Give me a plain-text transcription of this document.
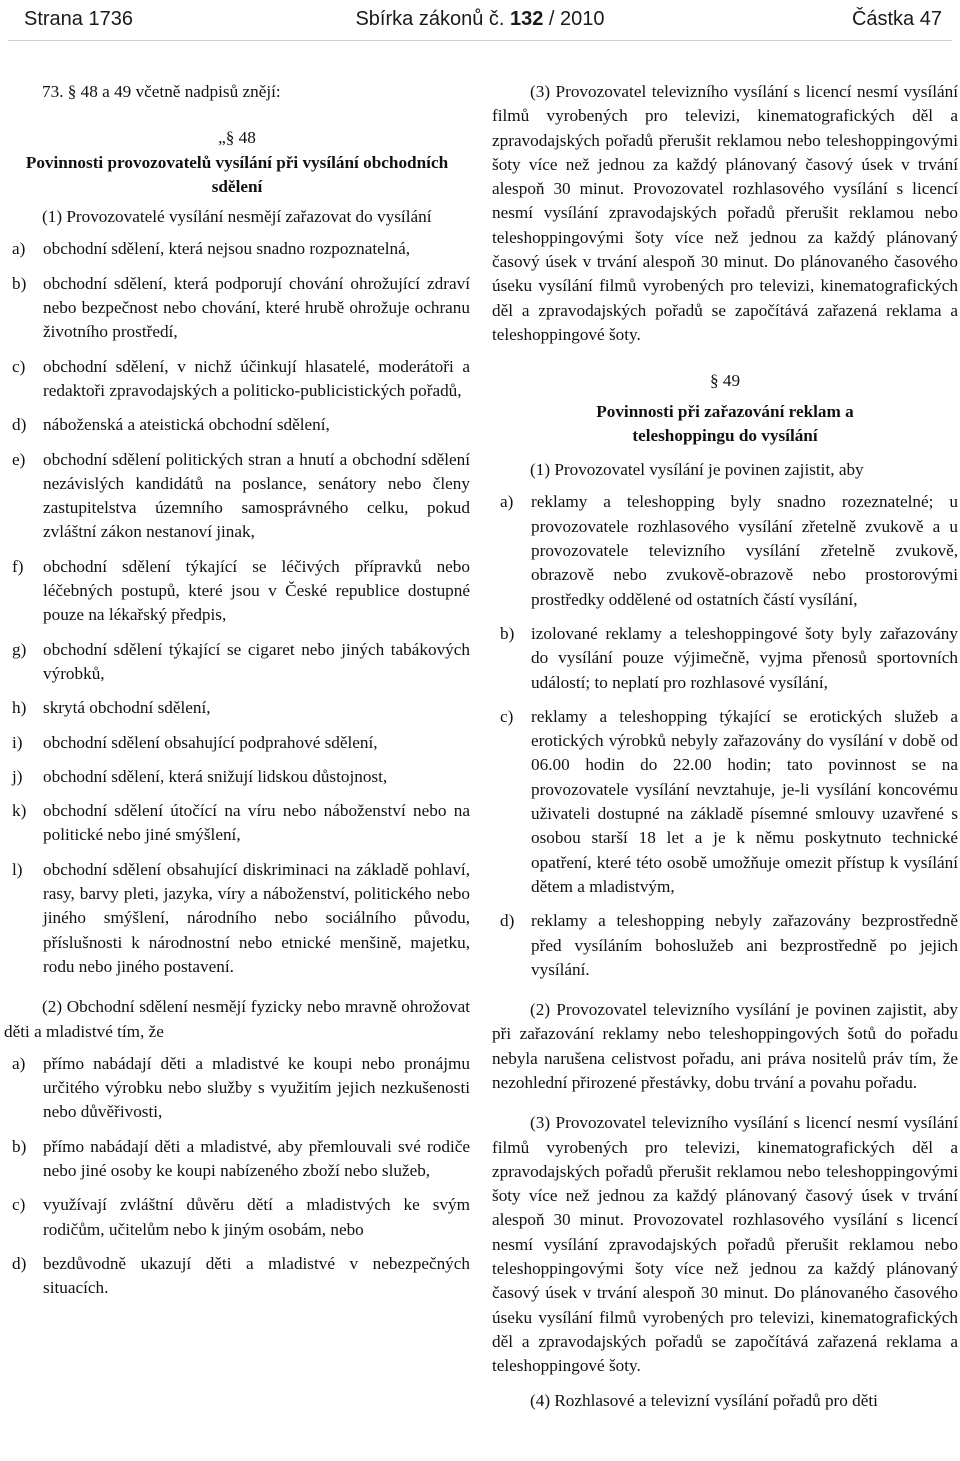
Strana 1736	Sbírka zákonů č. 132 / 2010	Částka 47

73. § 48 a 49 včetně nadpisů znějí:

„§ 48

Povinnosti provozovatelů vysílání při vysílání obchodních sdělení

(1) Provozovatelé vysílání nesmějí zařazovat do vysílání

a) obchodní sdělení, která nejsou snadno rozpoznatelná,

b) obchodní sdělení, která podporují chování ohrožující zdraví nebo bezpečnost nebo chování, které hrubě ohrožuje ochranu životního prostředí,

c) obchodní sdělení, v nichž účinkují hlasatelé, moderátoři a redaktoři zpravodajských a politicko-publicistických pořadů,

d) náboženská a ateistická obchodní sdělení,

e) obchodní sdělení politických stran a hnutí a obchodní sdělení nezávislých kandidátů na poslance, senátory nebo členy zastupitelstva územního samosprávného celku, pokud zvláštní zákon nestanoví jinak,

f) obchodní sdělení týkající se léčivých přípravků nebo léčebných postupů, které jsou v České republice dostupné pouze na lékařský předpis,

g) obchodní sdělení týkající se cigaret nebo jiných tabákových výrobků,

h) skrytá obchodní sdělení,

i) obchodní sdělení obsahující podprahové sdělení,

j) obchodní sdělení, která snižují lidskou důstojnost,

k) obchodní sdělení útočící na víru nebo náboženství nebo na politické nebo jiné smýšlení,

l) obchodní sdělení obsahující diskriminaci na základě pohlaví, rasy, barvy pleti, jazyka, víry a náboženství, politického nebo jiného smýšlení, národního nebo sociálního původu, příslušnosti k národnostní nebo etnické menšině, majetku, rodu nebo jiného postavení.

(2) Obchodní sdělení nesmějí fyzicky nebo mravně ohrožovat děti a mladistvé tím, že

a) přímo nabádají děti a mladistvé ke koupi nebo pronájmu určitého výrobku nebo služby s využitím jejich nezkušenosti nebo důvěřivosti,

b) přímo nabádají děti a mladistvé, aby přemlouvali své rodiče nebo jiné osoby ke koupi nabízeného zboží nebo služeb,

c) využívají zvláštní důvěru dětí a mladistvých ke svým rodičům, učitelům nebo k jiným osobám, nebo

d) bezdůvodně ukazují děti a mladistvé v nebezpečných situacích.

(3) Provozovatel televizního vysílání s licencí nesmí vysílání filmů vyrobených pro televizi, kinematografických děl a zpravodajských pořadů přerušit reklamou nebo teleshoppingovými šoty více než jednou za každý plánovaný časový úsek v trvání alespoň 30 minut. Provozovatel rozhlasového vysílání s licencí nesmí vysílání zpravodajských pořadů přerušit reklamou nebo teleshoppingovými šoty více než jednou za každý plánovaný časový úsek v trvání alespoň 30 minut. Do plánovaného časového úseku vysílání filmů vyrobených pro televizi, kinematografických děl a zpravodajských pořadů se započítává zařazená reklama a teleshoppingové šoty.

§ 49

Povinnosti při zařazování reklam a teleshoppingu do vysílání

(1) Provozovatel vysílání je povinen zajistit, aby

a) reklamy a teleshopping byly snadno rozeznatelné; u provozovatele rozhlasového vysílání zřetelně zvukově a u provozovatele televizního vysílání zřetelně zvukově, obrazově nebo zvukově-obrazově nebo prostorovými prostředky oddělené od ostatních částí vysílání,

b) izolované reklamy a teleshoppingové šoty byly zařazovány do vysílání pouze výjimečně, vyjma přenosů sportovních událostí; to neplatí pro rozhlasové vysílání,

c) reklamy a teleshopping týkající se erotických služeb a erotických výrobků nebyly zařazovány do vysílání v době od 06.00 hodin do 22.00 hodin; tato povinnost se na provozovatele vysílání nevztahuje, je-li vysílání koncovému uživateli dostupné na základě písemné smlouvy uzavřené s osobou starší 18 let a je k němu poskytnuto technické opatření, které této osobě umožňuje omezit přístup k vysílání dětem a mladistvým,

d) reklamy a teleshopping nebyly zařazovány bezprostředně před vysíláním bohoslužeb ani bezprostředně po jejich vysílání.

(2) Provozovatel televizního vysílání je povinen zajistit, aby při zařazování reklamy nebo teleshoppingových šotů do pořadu nebyla narušena celistvost pořadu, ani práva nositelů práv tím, že nezohlední přirozené přestávky, dobu trvání a povahu pořadu.

(3) Provozovatel televizního vysílání s licencí nesmí vysílání filmů vyrobených pro televizi, kinematografických děl a zpravodajských pořadů přerušit reklamou nebo teleshoppingovými šoty více než jednou za každý plánovaný časový úsek v trvání alespoň 30 minut. Provozovatel rozhlasového vysílání s licencí nesmí vysílání zpravodajských pořadů přerušit reklamou nebo teleshoppingovými šoty více než jednou za každý plánovaný časový úsek v trvání alespoň 30 minut. Do plánovaného časového úseku vysílání filmů vyrobených pro televizi, kinematografických děl a zpravodajských pořadů se započítává zařazená reklama a teleshoppingové šoty.

(4) Rozhlasové a televizní vysílání pořadů pro děti
